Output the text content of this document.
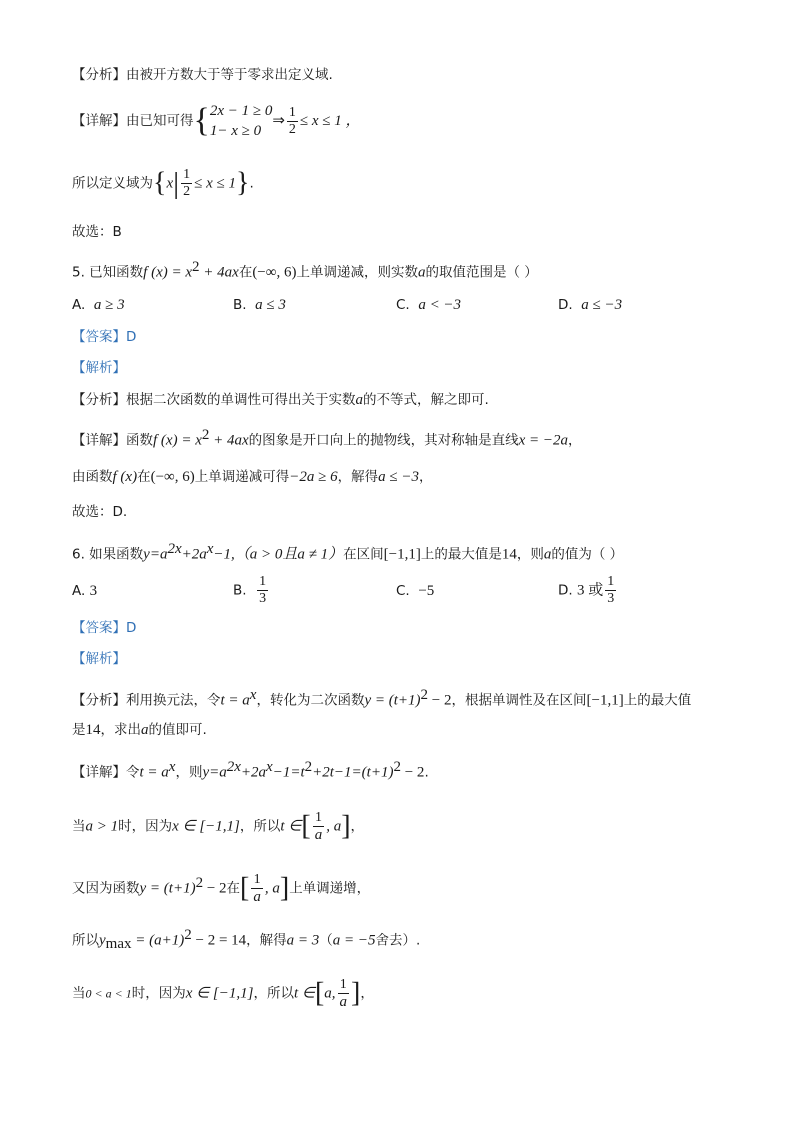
【分析】由被开方数大于等于零求出定义域.
【详解】由已知可得{ 2x − 1 ≥ 0
1− x ≥ 0
⇒ $\frac{1}{2} \le x \le 1$ ，
所以定义域为$\{x| \frac{1}{2} \le x \le 1\}$.
故选：B
5. 已知函数f $(x) = x^2 + 4ax$在(−∞, 6)上单调递减，则实数a的取值范围是（ ）
A. a ≥ 3	B. a ≤ 3	C. a < −3	D. a ≤ −3
【答案】D
【解析】
【分析】根据二次函数的单调性可得出关于实数a的不等式，解之即可.
【详解】函数f $(x) = x^2 + 4ax$的图象是开口向上的抛物线，其对称轴是直线x = −2a，
由函数f (x)在(−∞, 6)上单调递减可得−2a ≥ 6，解得a ≤ −3，
故选：D.
6. 如果函数$y=a^{2x}+2a^x-1,(a > 0$且a ≠ 1）在区间[−1,1]上的最大值是14，则a的值为（ ）
A. 3	B. $\frac{1}{3}$	C. −5	D. 3 或 $\frac{1}{3}$
【答案】D
【解析】
【分析】利用换元法，令$t = a^x$，转化为二次函数$y = (t+1)^2 - 2$，根据单调性及在区间[−1,1]上的最大值
是14，求出a的值即可.
【详解】令$t = a^x$，则$y=a^{2x}+2a^x-1=t^2+2t-1=(t+1)^2 - 2$.
当a > 1时，因为x ∈ [−1,1]，所以t ∈[ $\frac{1}{a}$ , a]，
又因为函数$y = (t+1)^2 - 2$在[ $\frac{1}{a}$ , a]上单调递增，
所以$y_{max} = (a+1)^2 - 2 = 14$，解得a = 3（a = −5舍去）.
当0 < a < 1时，因为x ∈ [−1,1]，所以t ∈[a, $\frac{1}{a}$ ]，
